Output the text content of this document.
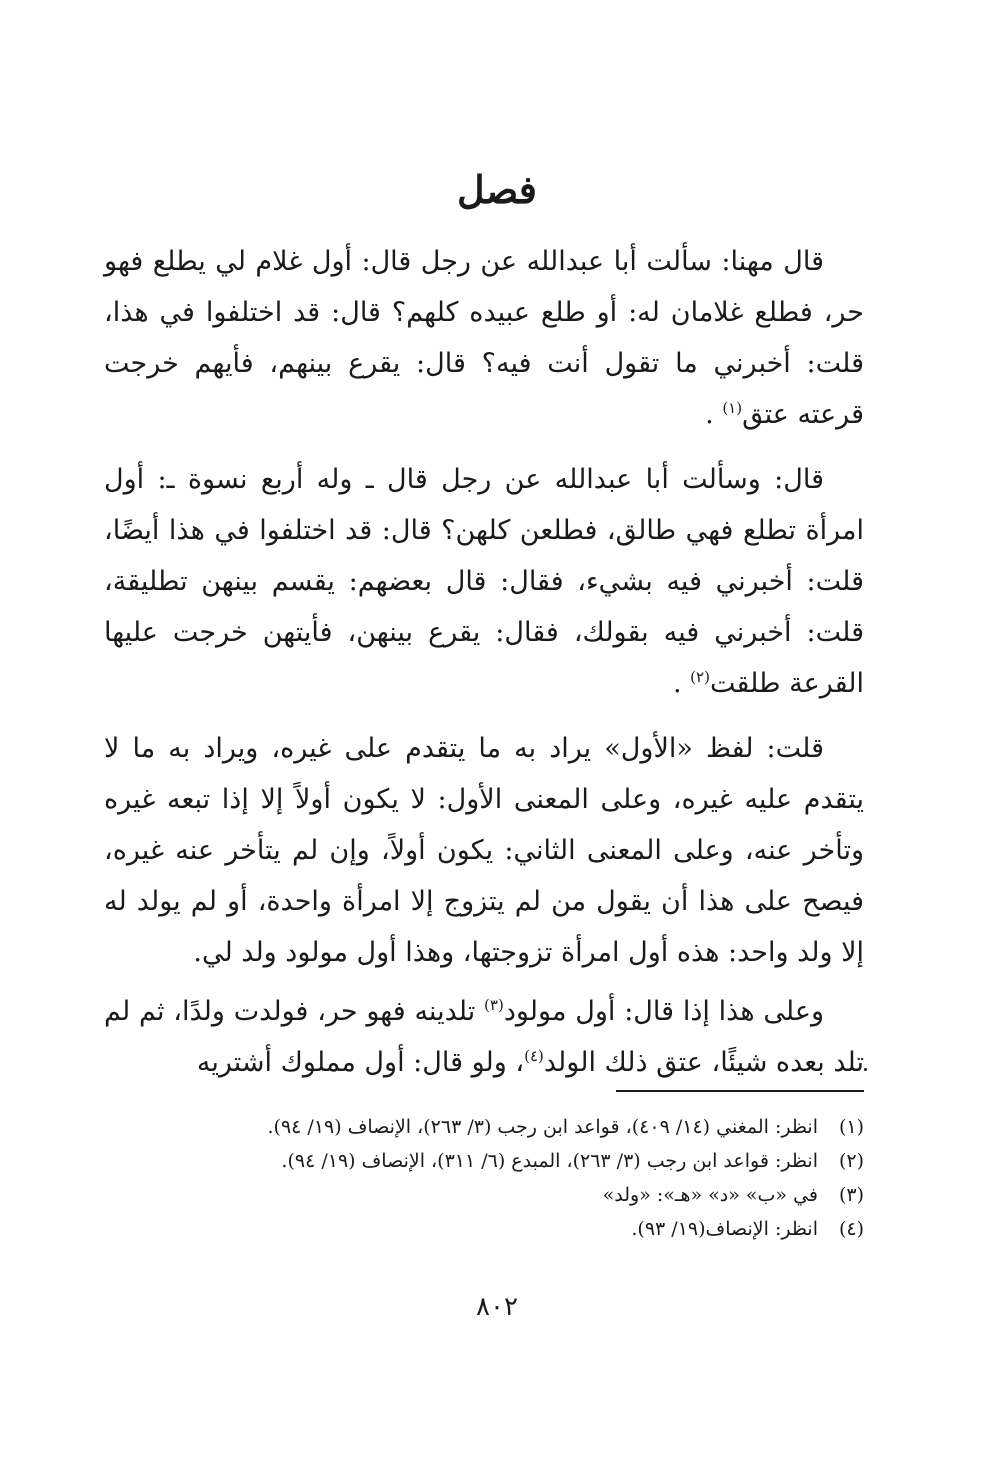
فصل

قال مهنا: سألت أبا عبدالله عن رجل قال: أول غلام لي يطلع فهو حر، فطلع غلامان له: أو طلع عبيده كلهم؟ قال: قد اختلفوا في هذا، قلت: أخبرني ما تقول أنت فيه؟ قال: يقرع بينهم، فأيهم خرجت قرعته عتق$^{(١)}$ .

قال: وسألت أبا عبدالله عن رجل قال ـ وله أربع نسوة ـ: أول امرأة تطلع فهي طالق، فطلعن كلهن؟ قال: قد اختلفوا في هذا أيضًا، قلت: أخبرني فيه بشيء، فقال: قال بعضهم: يقسم بينهن تطليقة، قلت: أخبرني فيه بقولك، فقال: يقرع بينهن، فأيتهن خرجت عليها القرعة طلقت$^{(٢)}$ .

قلت: لفظ «الأول» يراد به ما يتقدم على غيره، ويراد به ما لا يتقدم عليه غيره، وعلى المعنى الأول: لا يكون أولاً إلا إذا تبعه غيره وتأخر عنه، وعلى المعنى الثاني: يكون أولاً، وإن لم يتأخر عنه غيره، فيصح على هذا أن يقول من لم يتزوج إلا امرأة واحدة، أو لم يولد له إلا ولد واحد: هذه أول امرأة تزوجتها، وهذا أول مولود ولد لي.

وعلى هذا إذا قال: أول مولود$^{(٣)}$ تلدينه فهو حر، فولدت ولدًا، ثم لم تلد بعده شيئًا، عتق ذلك الولد$^{(٤)}$، ولو قال: أول مملوك أشتريه

(١)
انظر: المغني (١٤/ ٤٠٩)، قواعد ابن رجب (٣/ ٢٦٣)، الإنصاف (١٩/ ٩٤).

(٢)
انظر: قواعد ابن رجب (٣/ ٢٦٣)، المبدع (٦/ ٣١١)، الإنصاف (١٩/ ٩٤).

(٣)
في «ب» «د» «هـ»: «ولد»

(٤)
انظر: الإنصاف(١٩/ ٩٣).

٨٠٢
